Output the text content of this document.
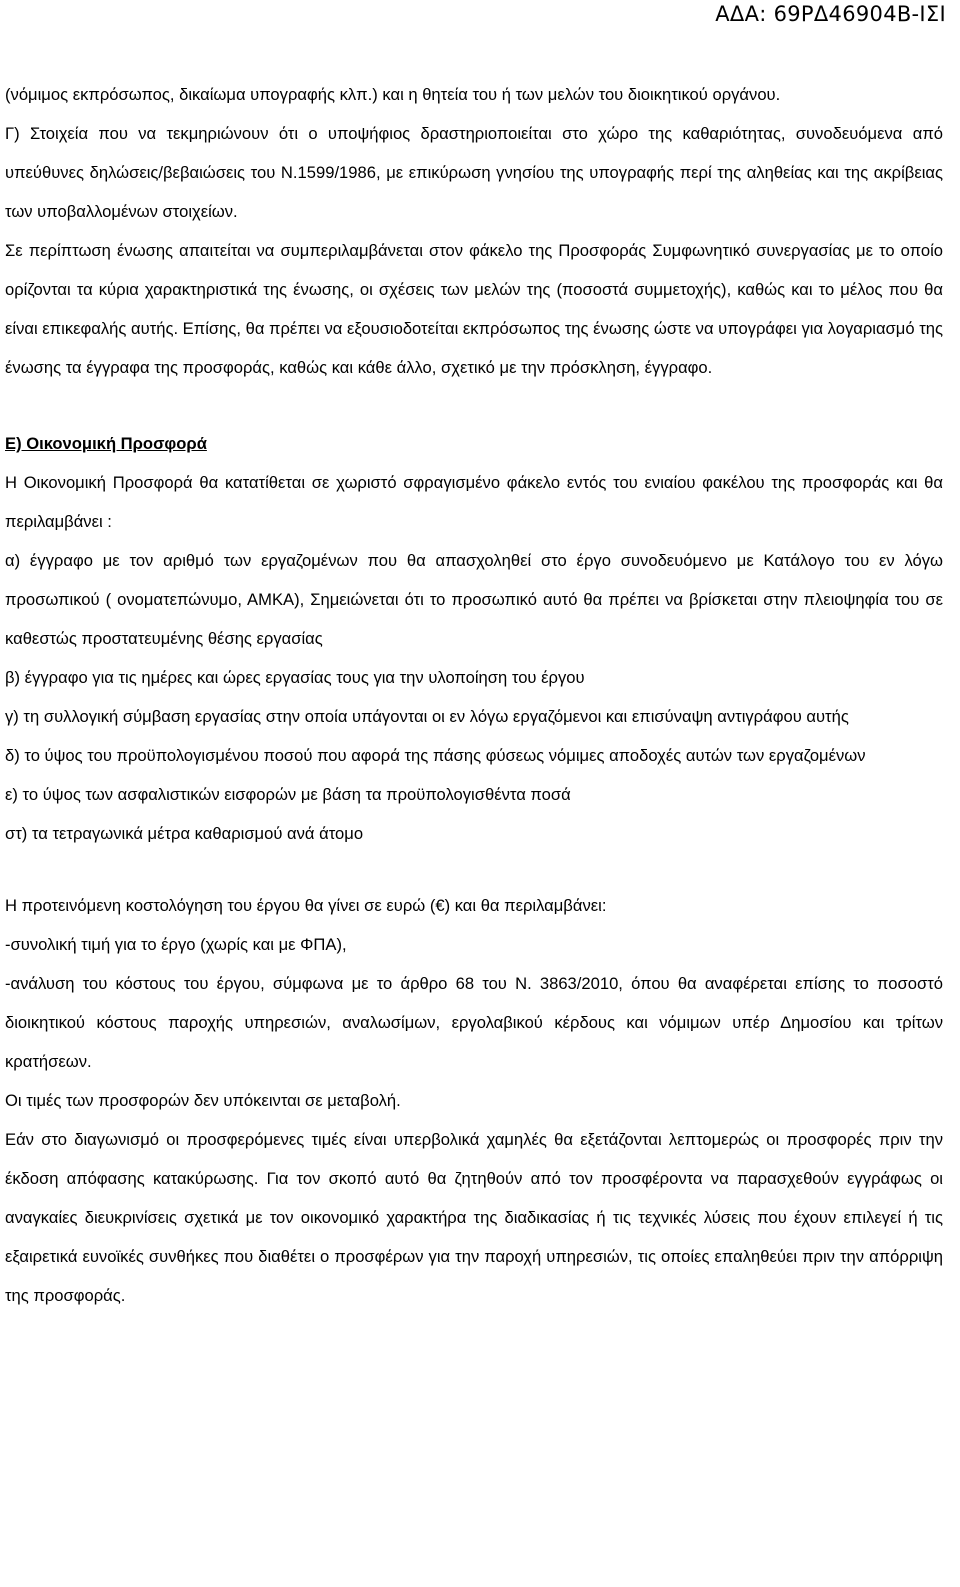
ΑΔΑ: 69ΡΔ46904Β-ΙΣΙ

(νόμιμος εκπρόσωπος, δικαίωμα υπογραφής κλπ.) και η θητεία του ή των μελών του διοικητικού οργάνου.

Γ) Στοιχεία που να τεκμηριώνουν ότι ο υποψήφιος δραστηριοποιείται στο χώρο της καθαριότητας, συνοδευόμενα από υπεύθυνες δηλώσεις/βεβαιώσεις του Ν.1599/1986, με επικύρωση γνησίου της υπογραφής περί της αληθείας και της ακρίβειας των υποβαλλομένων στοιχείων.

Σε περίπτωση ένωσης απαιτείται να συμπεριλαμβάνεται στον φάκελο της Προσφοράς Συμφωνητικό συνεργασίας με το οποίο ορίζονται τα κύρια χαρακτηριστικά της ένωσης, οι σχέσεις των μελών της (ποσοστά συμμετοχής), καθώς και το μέλος που θα είναι επικεφαλής αυτής. Επίσης, θα πρέπει να εξουσιοδοτείται εκπρόσωπος της ένωσης ώστε να υπογράφει για λογαριασμό της ένωσης τα έγγραφα της προσφοράς, καθώς και κάθε άλλο, σχετικό με την πρόσκληση, έγγραφο.

Ε) Οικονομική Προσφορά

Η Οικονομική Προσφορά θα κατατίθεται σε χωριστό σφραγισμένο φάκελο εντός του ενιαίου φακέλου της προσφοράς και θα περιλαμβάνει :

α) έγγραφο με τον αριθμό των εργαζομένων που θα απασχοληθεί στο έργο συνοδευόμενο με Κατάλογο του εν λόγω προσωπικού ( ονοματεπώνυμο, ΑΜΚΑ), Σημειώνεται ότι το προσωπικό αυτό θα πρέπει να βρίσκεται στην πλειοψηφία του σε καθεστώς προστατευμένης θέσης εργασίας

β) έγγραφο για τις ημέρες και ώρες εργασίας τους για την υλοποίηση του έργου

γ) τη συλλογική σύμβαση εργασίας στην οποία υπάγονται οι εν λόγω εργαζόμενοι και επισύναψη αντιγράφου αυτής

δ) το ύψος του προϋπολογισμένου ποσού που αφορά της πάσης φύσεως νόμιμες αποδοχές αυτών των εργαζομένων

ε) το ύψος των ασφαλιστικών εισφορών με βάση τα προϋπολογισθέντα ποσά

στ) τα τετραγωνικά μέτρα καθαρισμού ανά άτομο

Η προτεινόμενη κοστολόγηση του έργου θα γίνει σε ευρώ (€) και θα περιλαμβάνει:

-συνολική τιμή για το έργο (χωρίς και με ΦΠΑ),

-ανάλυση του κόστους του έργου, σύμφωνα με το άρθρο 68 του Ν. 3863/2010, όπου θα αναφέρεται επίσης το ποσοστό διοικητικού κόστους παροχής υπηρεσιών, αναλωσίμων, εργολαβικού κέρδους και νόμιμων υπέρ Δημοσίου και τρίτων κρατήσεων.

Οι τιμές των προσφορών δεν υπόκεινται σε μεταβολή.

Εάν στο διαγωνισμό οι προσφερόμενες τιμές είναι υπερβολικά χαμηλές θα εξετάζονται λεπτομερώς οι προσφορές πριν την έκδοση απόφασης κατακύρωσης. Για τον σκοπό αυτό θα ζητηθούν από τον προσφέροντα να παρασχεθούν εγγράφως οι αναγκαίες διευκρινίσεις σχετικά με τον οικονομικό χαρακτήρα της διαδικασίας ή τις τεχνικές λύσεις που έχουν επιλεγεί ή τις εξαιρετικά ευνοϊκές συνθήκες που διαθέτει ο προσφέρων για την παροχή υπηρεσιών, τις οποίες επαληθεύει πριν την απόρριψη της προσφοράς.
